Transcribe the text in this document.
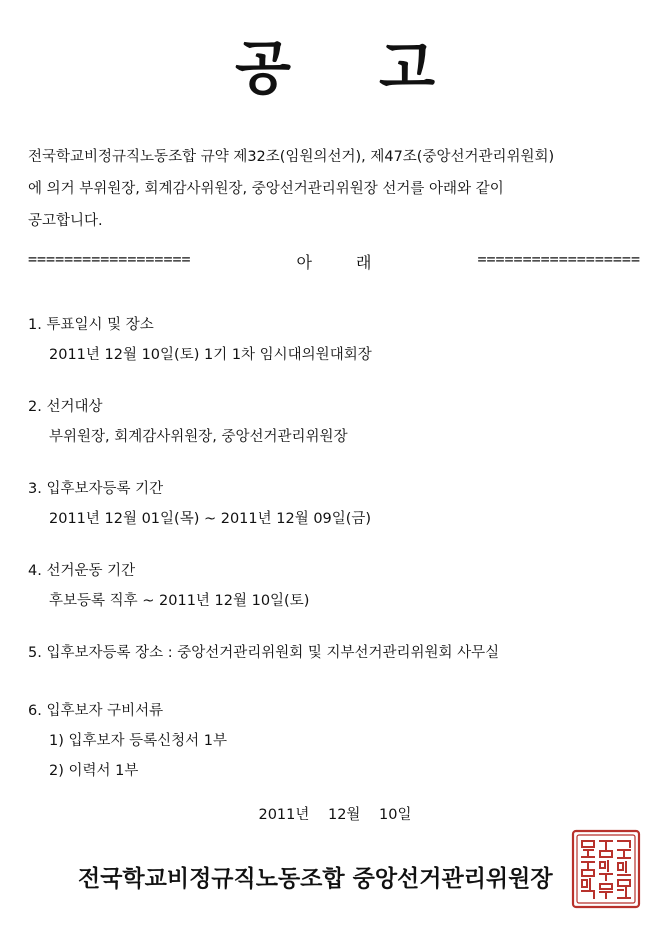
공 고

전국학교비정규직노동조합 규약 제32조(임원의선거), 제47조(중앙선거관리위원회)

에 의거 부위원장, 회계감사위원장, 중앙선거관리위원장 선거를 아래와 같이

공고합니다.

==================	아	래	==================
1. 투표일시 및 장소
2011년 12월 10일(토) 1기 1차 임시대의원대회장
2. 선거대상
부위원장, 회계감사위원장, 중앙선거관리위원장
3. 입후보자등록 기간
2011년 12월 01일(목) ~ 2011년 12월 09일(금)
4. 선거운동 기간
후보등록 직후 ~ 2011년 12월 10일(토)
5. 입후보자등록 장소 : 중앙선거관리위원회 및 지부선거관리위원회 사무실
6. 입후보자 구비서류
1) 입후보자 등록신청서 1부
2) 이력서 1부
2011년 12월 10일
전국학교비정규직노동조합 중앙선거관리위원장
